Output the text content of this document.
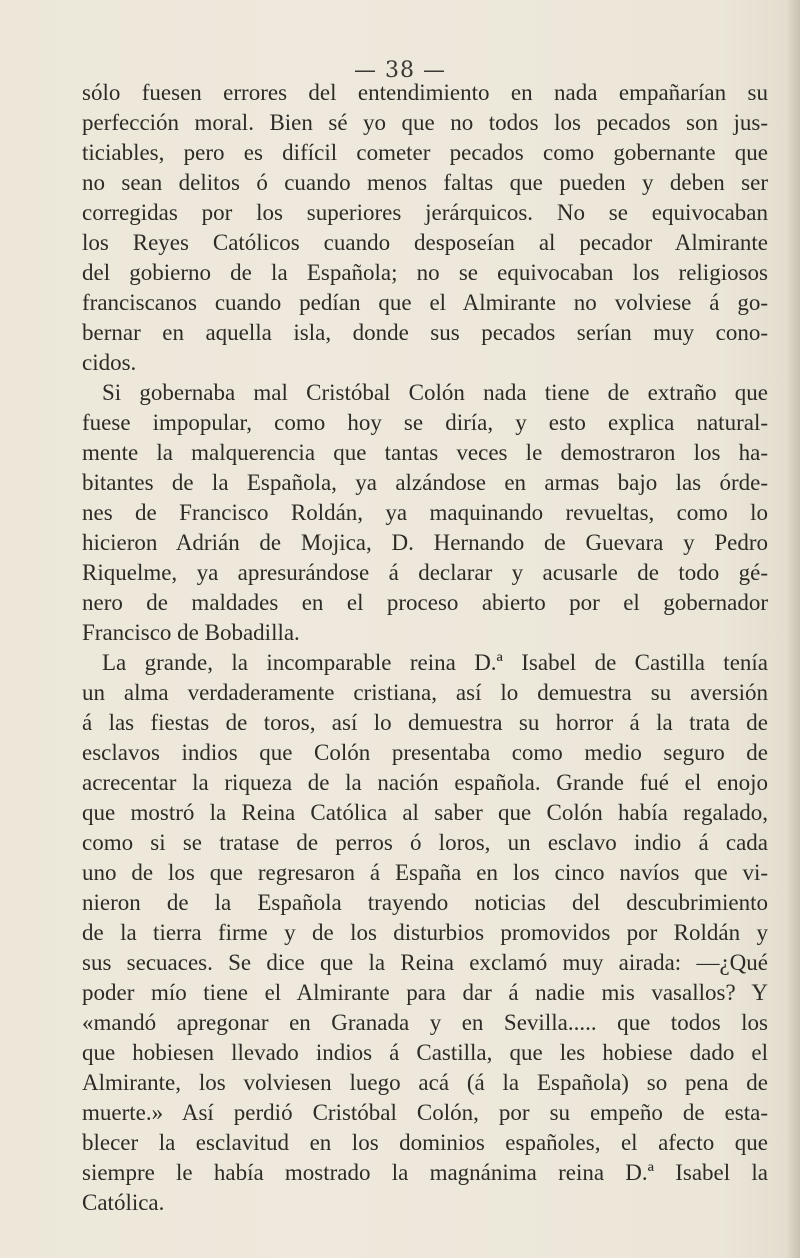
— 38 —
sólo fuesen errores del entendimiento en nada empañarían su
perfección moral. Bien sé yo que no todos los pecados son jus-
ticiables, pero es difícil cometer pecados como gobernante que
no sean delitos ó cuando menos faltas que pueden y deben ser
corregidas por los superiores jerárquicos. No se equivocaban
los Reyes Católicos cuando desposeían al pecador Almirante
del gobierno de la Española; no se equivocaban los religiosos
franciscanos cuando pedían que el Almirante no volviese á go-
bernar en aquella isla, donde sus pecados serían muy cono-
cidos.
Si gobernaba mal Cristóbal Colón nada tiene de extraño que
fuese impopular, como hoy se diría, y esto explica natural-
mente la malquerencia que tantas veces le demostraron los ha-
bitantes de la Española, ya alzándose en armas bajo las órde-
nes de Francisco Roldán, ya maquinando revueltas, como lo
hicieron Adrián de Mojica, D. Hernando de Guevara y Pedro
Riquelme, ya apresurándose á declarar y acusarle de todo gé-
nero de maldades en el proceso abierto por el gobernador
Francisco de Bobadilla.
La grande, la incomparable reina D.ª Isabel de Castilla tenía
un alma verdaderamente cristiana, así lo demuestra su aversión
á las fiestas de toros, así lo demuestra su horror á la trata de
esclavos indios que Colón presentaba como medio seguro de
acrecentar la riqueza de la nación española. Grande fué el enojo
que mostró la Reina Católica al saber que Colón había regalado,
como si se tratase de perros ó loros, un esclavo indio á cada
uno de los que regresaron á España en los cinco navíos que vi-
nieron de la Española trayendo noticias del descubrimiento
de la tierra firme y de los disturbios promovidos por Roldán y
sus secuaces. Se dice que la Reina exclamó muy airada: —¿Qué
poder mío tiene el Almirante para dar á nadie mis vasallos? Y
«mandó apregonar en Granada y en Sevilla..... que todos los
que hobiesen llevado indios á Castilla, que les hobiese dado el
Almirante, los volviesen luego acá (á la Española) so pena de
muerte.» Así perdió Cristóbal Colón, por su empeño de esta-
blecer la esclavitud en los dominios españoles, el afecto que
siempre le había mostrado la magnánima reina D.ª Isabel la
Católica.
